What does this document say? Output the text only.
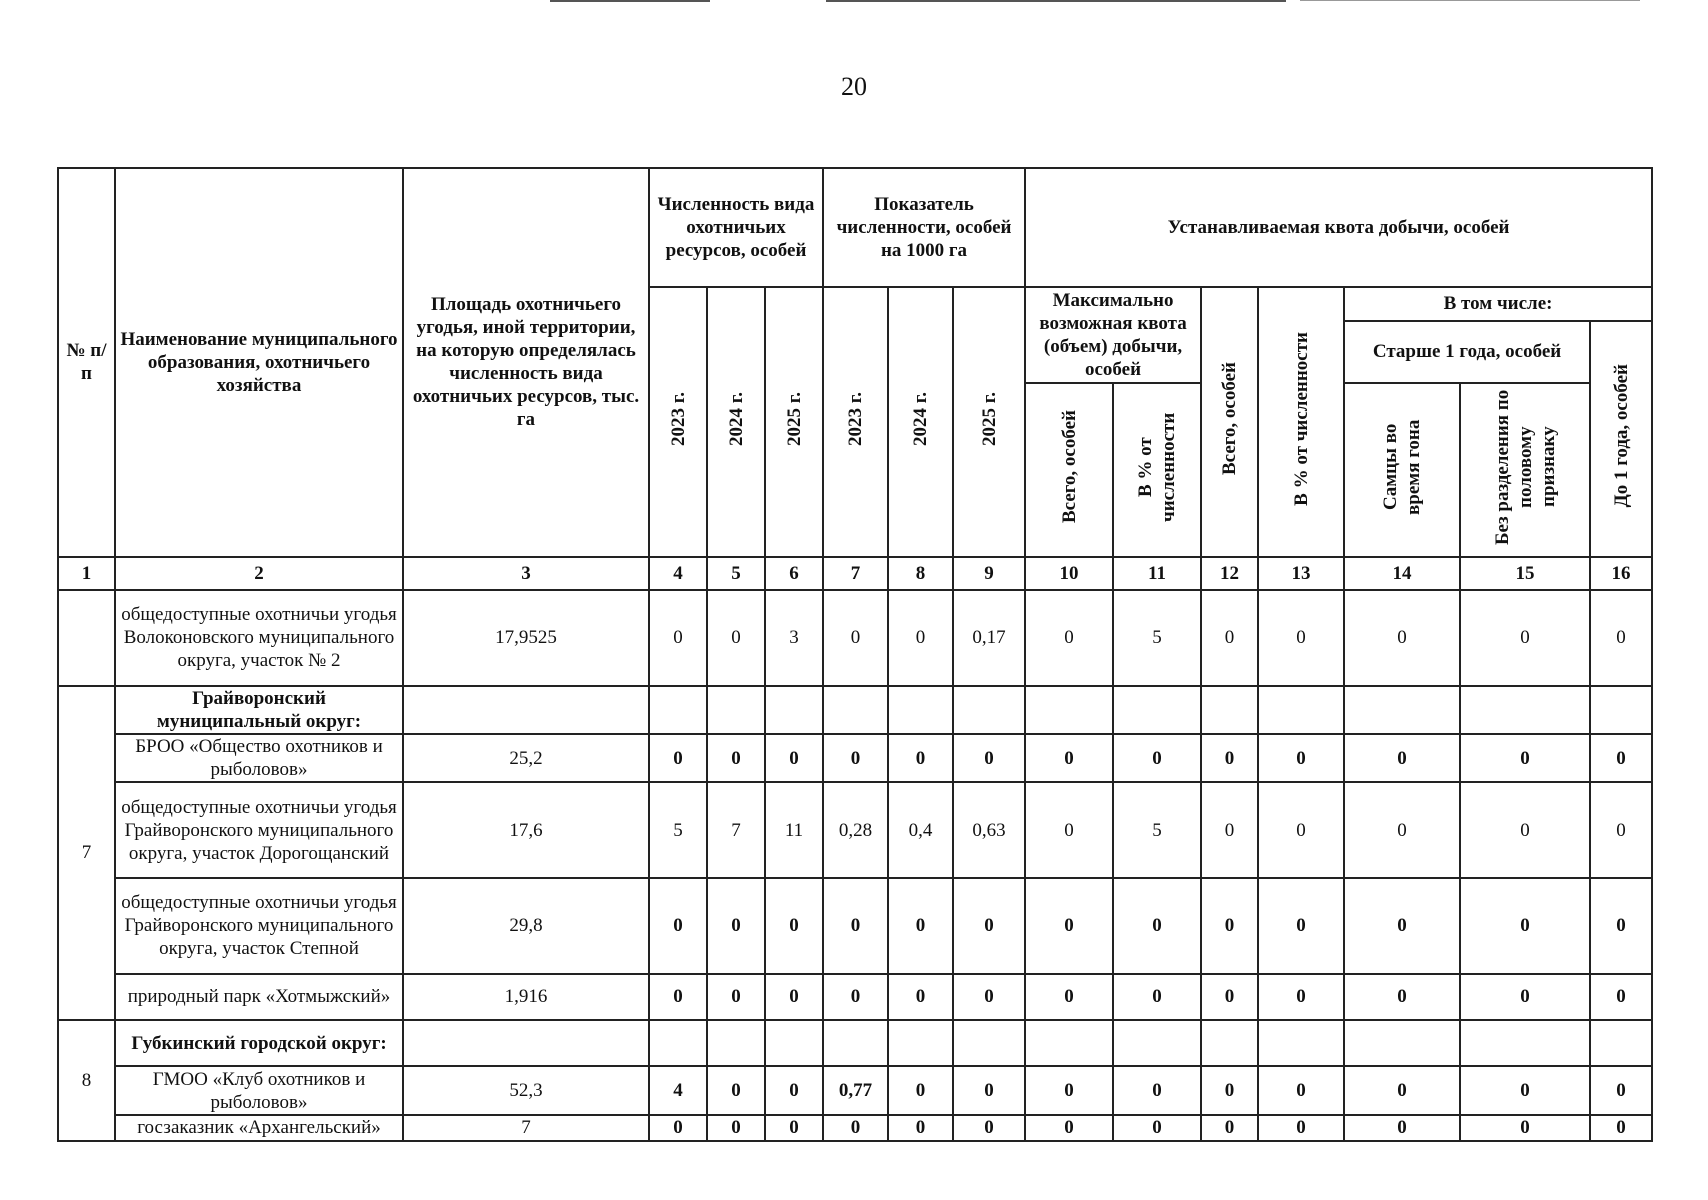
20
№ п/п	Наименование муниципального образования, охотничьего хозяйства	Площадь охотничьего угодья, иной территории, на которую определялась численность вида охотничьих ресурсов, тыс. га	Численность вида охотничьих ресурсов, особей			Показатель численности, особей на 1000 га			Устанавливаемая квота добычи, особей						
			2023 г.	2024 г.	2025 г.	2023 г.	2024 г.	2025 г.	Максимально возможная квота (объем) добычи, особей		Всего, особей	В % от численности	В том числе:		
													Старше 1 года, особей		До 1 года, особей
									Всего, особей	В % от численности			Самцы во время гона	Без разделения по половому признаку	
1	2	3	4	5	6	7	8	9	10	11	12	13	14	15	16
	общедоступные охотничьи угодья Волоконовского муниципального округа, участок № 2	17,9525	0	0	3	0	0	0,17	0	5	0	0	0	0	0
7	Грайворонский муниципальный округ:														
	БРОО «Общество охотников и рыболовов»	25,2	0	0	0	0	0	0	0	0	0	0	0	0	0
	общедоступные охотничьи угодья Грайворонского муниципального округа, участок Дорогощанский	17,6	5	7	11	0,28	0,4	0,63	0	5	0	0	0	0	0
	общедоступные охотничьи угодья Грайворонского муниципального округа, участок Степной	29,8	0	0	0	0	0	0	0	0	0	0	0	0	0
	природный парк «Хотмыжский»	1,916	0	0	0	0	0	0	0	0	0	0	0	0	0
8	Губкинский городской округ:														
	ГМОО «Клуб охотников и рыболовов»	52,3	4	0	0	0,77	0	0	0	0	0	0	0	0	0
	госзаказник «Архангельский»	7	0	0	0	0	0	0	0	0	0	0	0	0	0
